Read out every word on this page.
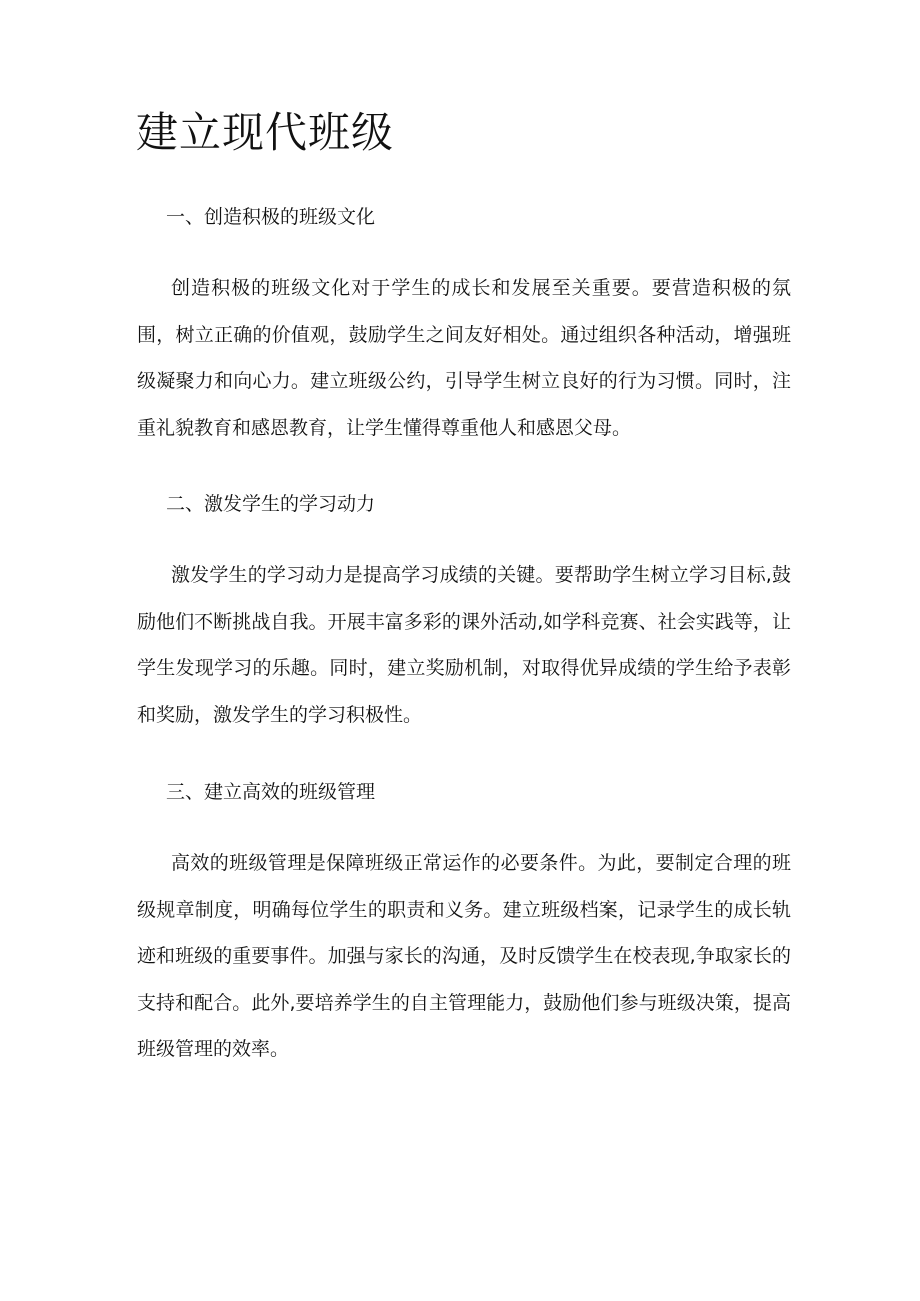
建立现代班级
一、创造积极的班级文化

创造积极的班级文化对于学生的成长和发展至关重要。要营造积极的氛围，树立正确的价值观，鼓励学生之间友好相处。通过组织各种活动，增强班级凝聚力和向心力。建立班级公约，引导学生树立良好的行为习惯。同时，注重礼貌教育和感恩教育，让学生懂得尊重他人和感恩父母。

二、激发学生的学习动力

激发学生的学习动力是提高学习成绩的关键。要帮助学生树立学习目标,鼓励他们不断挑战自我。开展丰富多彩的课外活动,如学科竞赛、社会实践等，让学生发现学习的乐趣。同时，建立奖励机制，对取得优异成绩的学生给予表彰和奖励，激发学生的学习积极性。

三、建立高效的班级管理

高效的班级管理是保障班级正常运作的必要条件。为此，要制定合理的班级规章制度，明确每位学生的职责和义务。建立班级档案，记录学生的成长轨迹和班级的重要事件。加强与家长的沟通，及时反馈学生在校表现,争取家长的支持和配合。此外,要培养学生的自主管理能力，鼓励他们参与班级决策，提高班级管理的效率。
